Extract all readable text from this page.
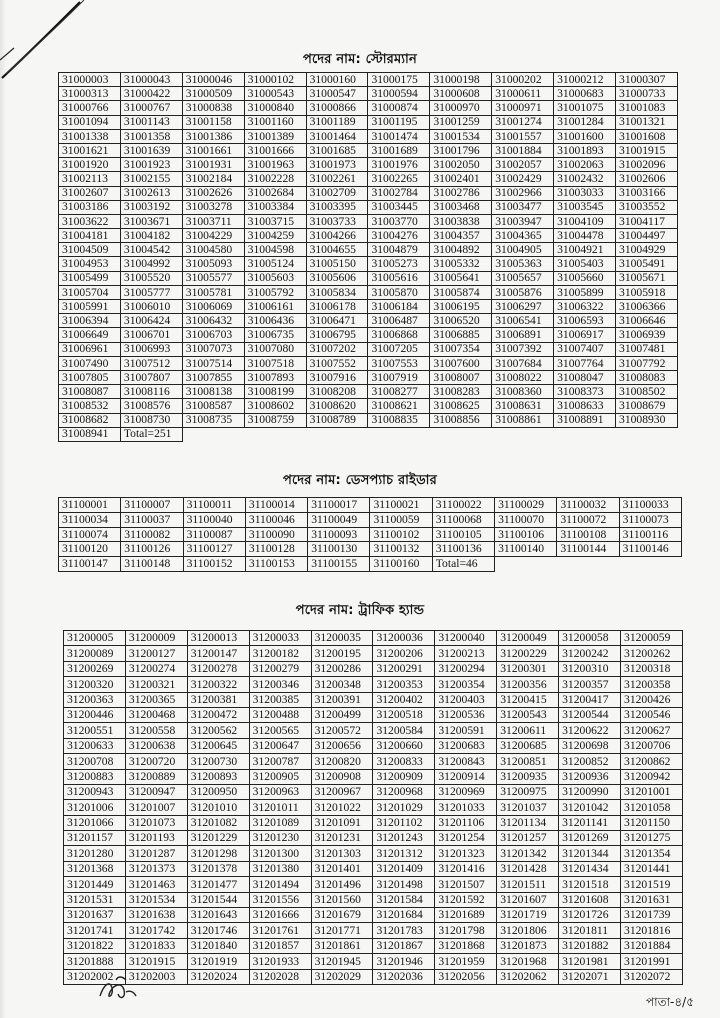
পদের নাম: স্টোরম্যান
31000003	31000043	31000046	31000102	31000160	31000175	31000198	31000202	31000212	31000307
31000313	31000422	31000509	31000543	31000547	31000594	31000608	31000611	31000683	31000733
31000766	31000767	31000838	31000840	31000866	31000874	31000970	31000971	31001075	31001083
31001094	31001143	31001158	31001160	31001189	31001195	31001259	31001274	31001284	31001321
31001338	31001358	31001386	31001389	31001464	31001474	31001534	31001557	31001600	31001608
31001621	31001639	31001661	31001666	31001685	31001689	31001796	31001884	31001893	31001915
31001920	31001923	31001931	31001963	31001973	31001976	31002050	31002057	31002063	31002096
31002113	31002155	31002184	31002228	31002261	31002265	31002401	31002429	31002432	31002606
31002607	31002613	31002626	31002684	31002709	31002784	31002786	31002966	31003033	31003166
31003186	31003192	31003278	31003384	31003395	31003445	31003468	31003477	31003545	31003552
31003622	31003671	31003711	31003715	31003733	31003770	31003838	31003947	31004109	31004117
31004181	31004182	31004229	31004259	31004266	31004276	31004357	31004365	31004478	31004497
31004509	31004542	31004580	31004598	31004655	31004879	31004892	31004905	31004921	31004929
31004953	31004992	31005093	31005124	31005150	31005273	31005332	31005363	31005403	31005491
31005499	31005520	31005577	31005603	31005606	31005616	31005641	31005657	31005660	31005671
31005704	31005777	31005781	31005792	31005834	31005870	31005874	31005876	31005899	31005918
31005991	31006010	31006069	31006161	31006178	31006184	31006195	31006297	31006322	31006366
31006394	31006424	31006432	31006436	31006471	31006487	31006520	31006541	31006593	31006646
31006649	31006701	31006703	31006735	31006795	31006868	31006885	31006891	31006917	31006939
31006961	31006993	31007073	31007080	31007202	31007205	31007354	31007392	31007407	31007481
31007490	31007512	31007514	31007518	31007552	31007553	31007600	31007684	31007764	31007792
31007805	31007807	31007855	31007893	31007916	31007919	31008007	31008022	31008047	31008083
31008087	31008116	31008138	31008199	31008208	31008277	31008283	31008360	31008373	31008502
31008532	31008576	31008587	31008602	31008620	31008621	31008625	31008631	31008633	31008679
31008682	31008730	31008735	31008759	31008789	31008835	31008856	31008861	31008891	31008930
31008941	Total=251								
পদের নাম: ডেসপ্যাচ রাইডার
31100001	31100007	31100011	31100014	31100017	31100021	31100022	31100029	31100032	31100033
31100034	31100037	31100040	31100046	31100049	31100059	31100068	31100070	31100072	31100073
31100074	31100082	31100087	31100090	31100093	31100102	31100105	31100106	31100108	31100116
31100120	31100126	31100127	31100128	31100130	31100132	31100136	31100140	31100144	31100146
31100147	31100148	31100152	31100153	31100155	31100160	Total=46			
পদের নাম: ট্রাফিক হ্যান্ড
31200005	31200009	31200013	31200033	31200035	31200036	31200040	31200049	31200058	31200059
31200089	31200127	31200147	31200182	31200195	31200206	31200213	31200229	31200242	31200262
31200269	31200274	31200278	31200279	31200286	31200291	31200294	31200301	31200310	31200318
31200320	31200321	31200322	31200346	31200348	31200353	31200354	31200356	31200357	31200358
31200363	31200365	31200381	31200385	31200391	31200402	31200403	31200415	31200417	31200426
31200446	31200468	31200472	31200488	31200499	31200518	31200536	31200543	31200544	31200546
31200551	31200558	31200562	31200565	31200572	31200584	31200591	31200611	31200622	31200627
31200633	31200638	31200645	31200647	31200656	31200660	31200683	31200685	31200698	31200706
31200708	31200720	31200730	31200787	31200820	31200833	31200843	31200851	31200852	31200862
31200883	31200889	31200893	31200905	31200908	31200909	31200914	31200935	31200936	31200942
31200943	31200947	31200950	31200963	31200967	31200968	31200969	31200975	31200990	31201001
31201006	31201007	31201010	31201011	31201022	31201029	31201033	31201037	31201042	31201058
31201066	31201073	31201082	31201089	31201091	31201102	31201106	31201134	31201141	31201150
31201157	31201193	31201229	31201230	31201231	31201243	31201254	31201257	31201269	31201275
31201280	31201287	31201298	31201300	31201303	31201312	31201323	31201342	31201344	31201354
31201368	31201373	31201378	31201380	31201401	31201409	31201416	31201428	31201434	31201441
31201449	31201463	31201477	31201494	31201496	31201498	31201507	31201511	31201518	31201519
31201531	31201534	31201544	31201556	31201560	31201584	31201592	31201607	31201608	31201631
31201637	31201638	31201643	31201666	31201679	31201684	31201689	31201719	31201726	31201739
31201741	31201742	31201746	31201761	31201771	31201783	31201798	31201806	31201811	31201816
31201822	31201833	31201840	31201857	31201861	31201867	31201868	31201873	31201882	31201884
31201888	31201915	31201919	31201933	31201945	31201946	31201959	31201968	31201981	31201991
31202002	31202003	31202024	31202028	31202029	31202036	31202056	31202062	31202071	31202072
পাতা-৪/৫
